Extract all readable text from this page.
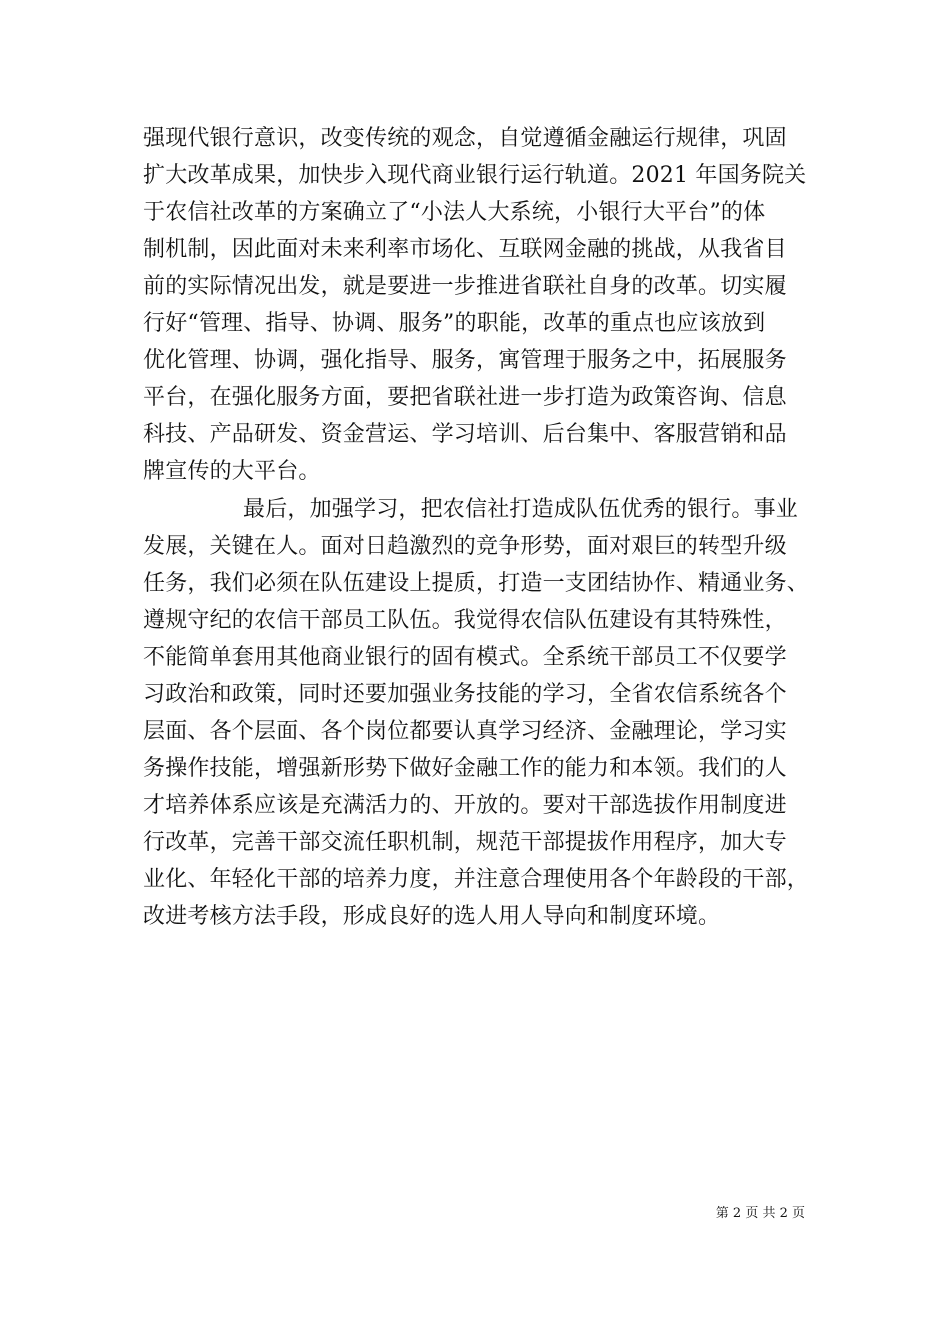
强现代银行意识，改变传统的观念，自觉遵循金融运行规律，巩固
扩大改革成果，加快步入现代商业银行运行轨道。2021 年国务院关
于农信社改革的方案确立了“小法人大系统，小银行大平台”的体
制机制，因此面对未来利率市场化、互联网金融的挑战，从我省目
前的实际情况出发，就是要进一步推进省联社自身的改革。切实履
行好“管理、指导、协调、服务”的职能，改革的重点也应该放到
优化管理、协调，强化指导、服务，寓管理于服务之中，拓展服务
平台，在强化服务方面，要把省联社进一步打造为政策咨询、信息
科技、产品研发、资金营运、学习培训、后台集中、客服营销和品
牌宣传的大平台。
最后，加强学习，把农信社打造成队伍优秀的银行。事业
发展，关键在人。面对日趋激烈的竞争形势，面对艰巨的转型升级
任务，我们必须在队伍建设上提质，打造一支团结协作、精通业务、
遵规守纪的农信干部员工队伍。我觉得农信队伍建设有其特殊性，
不能简单套用其他商业银行的固有模式。全系统干部员工不仅要学
习政治和政策，同时还要加强业务技能的学习，全省农信系统各个
层面、各个层面、各个岗位都要认真学习经济、金融理论，学习实
务操作技能，增强新形势下做好金融工作的能力和本领。我们的人
才培养体系应该是充满活力的、开放的。要对干部选拔作用制度进
行改革，完善干部交流任职机制，规范干部提拔作用程序，加大专
业化、年轻化干部的培养力度，并注意合理使用各个年龄段的干部，
改进考核方法手段，形成良好的选人用人导向和制度环境。
第 2 页 共 2 页
